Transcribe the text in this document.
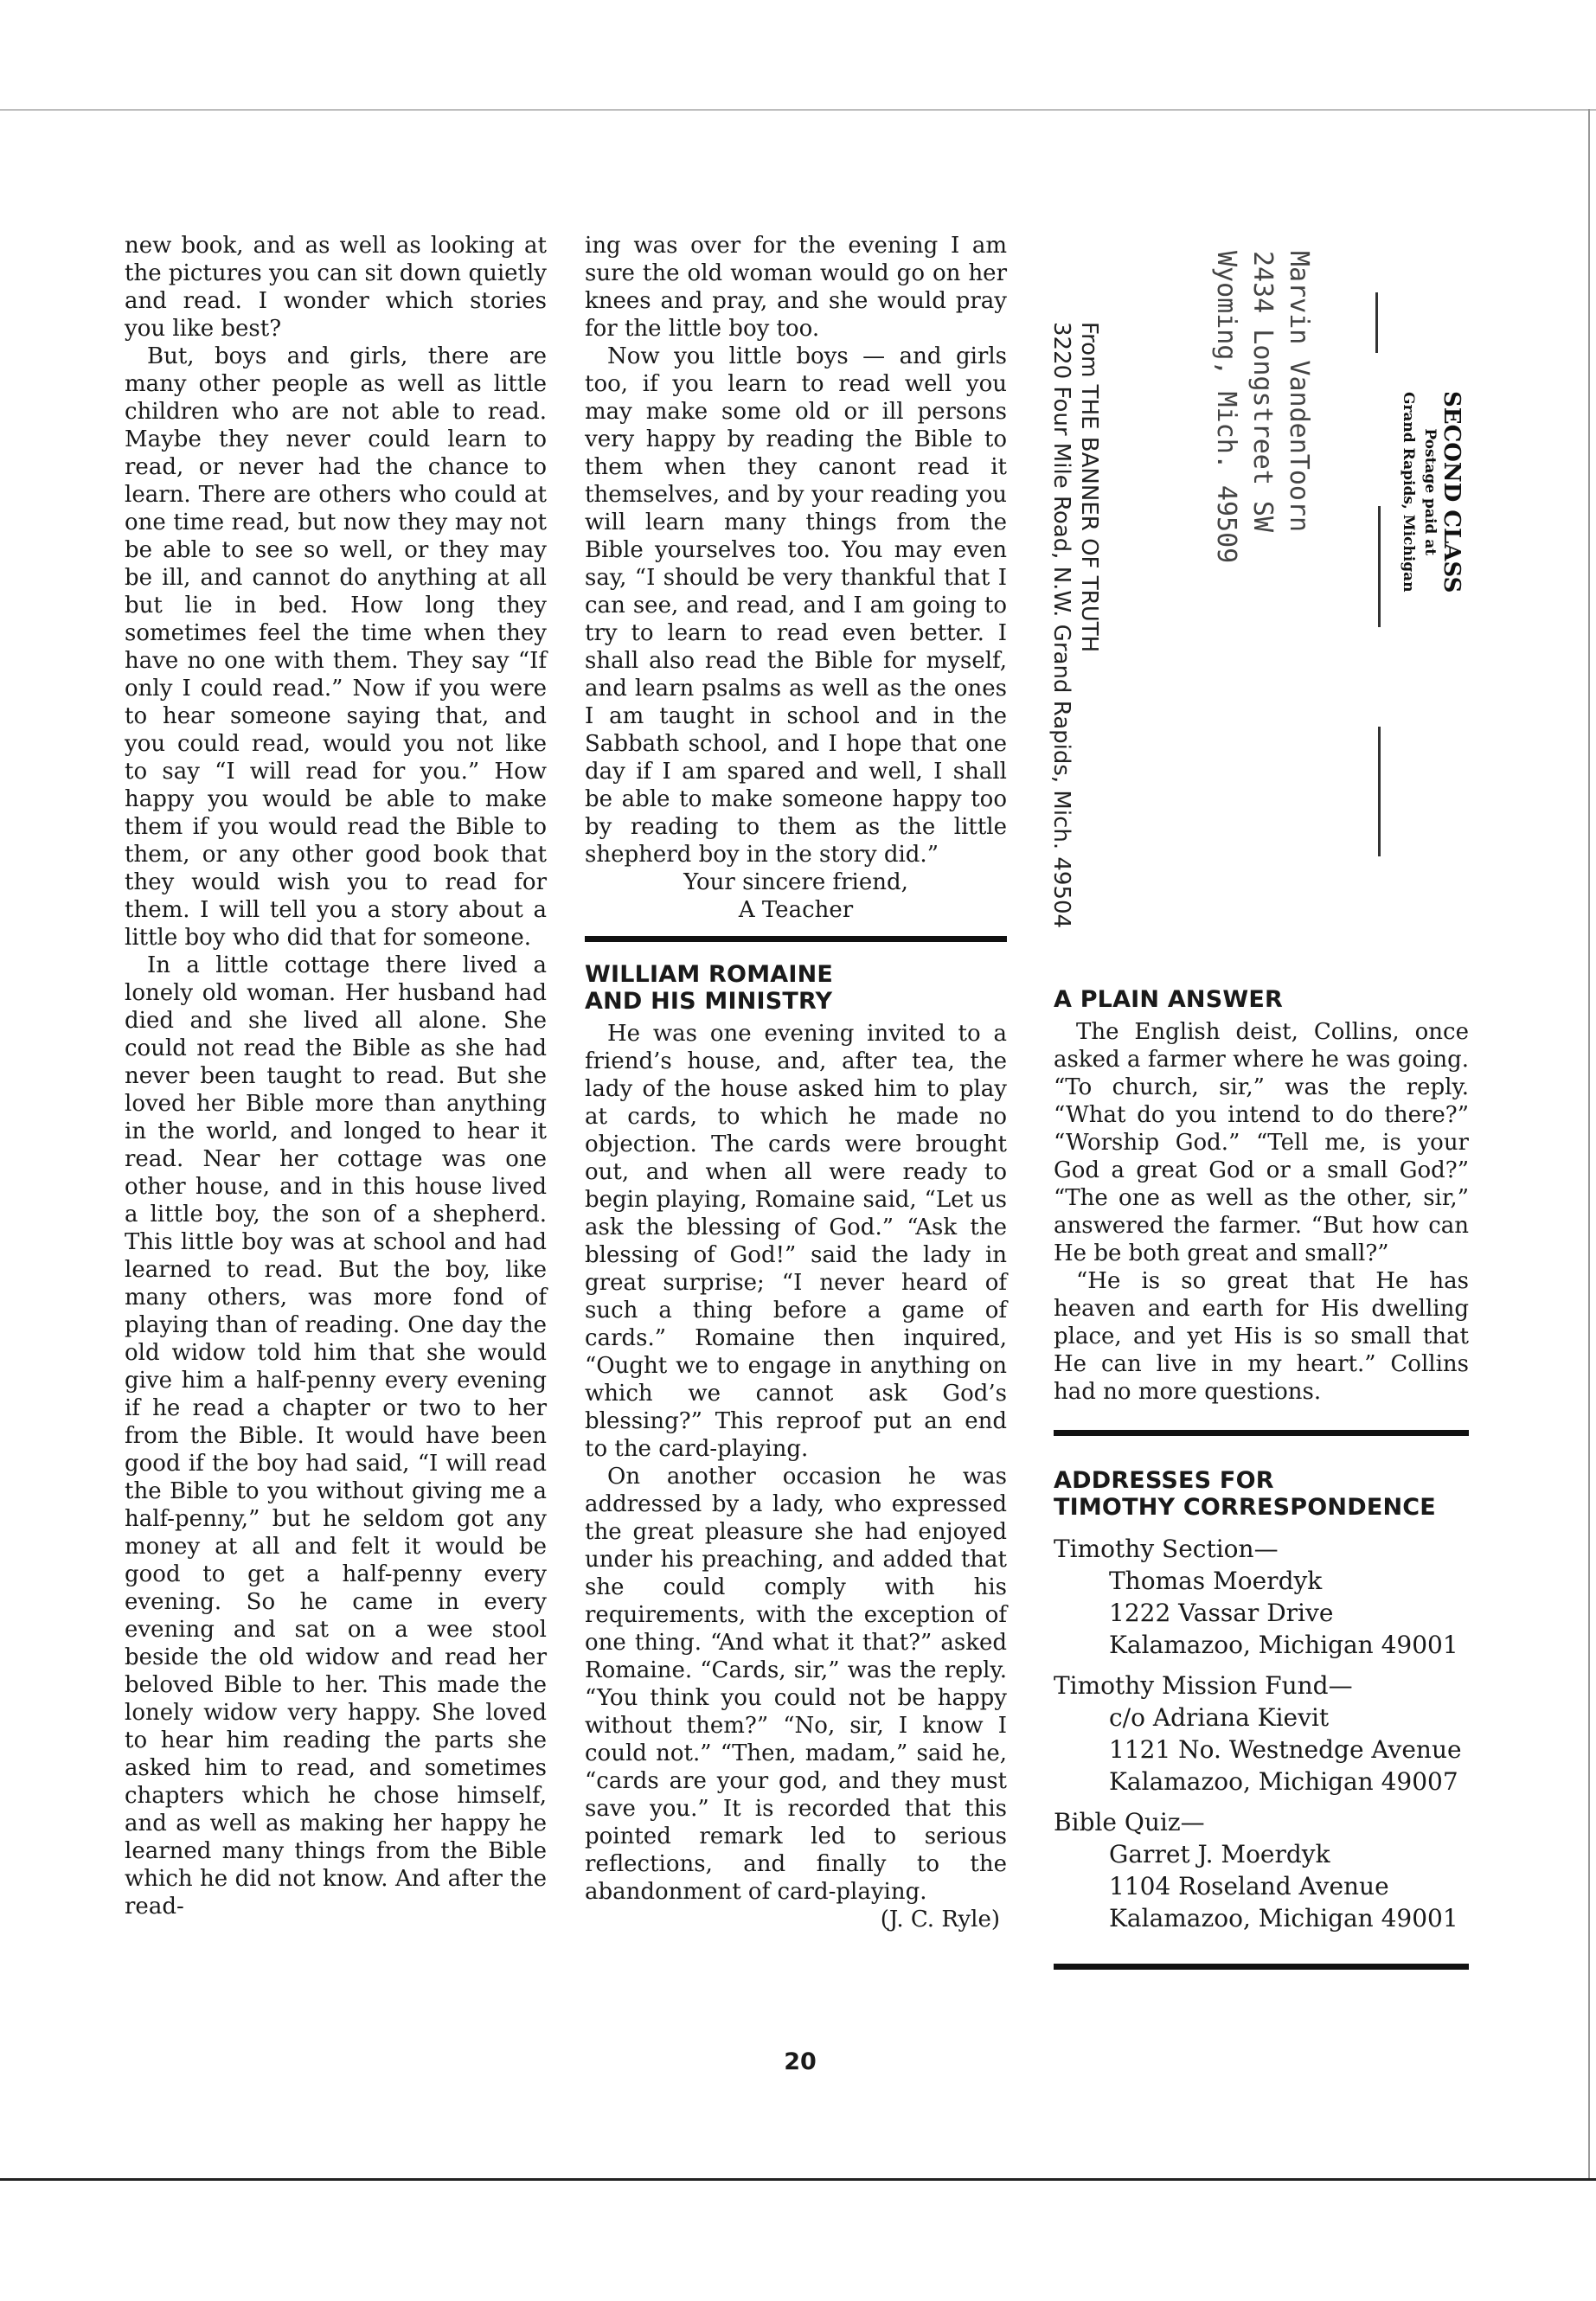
new book, and as well as looking at the pictures you can sit down quietly and read. I wonder which stories you like best?

But, boys and girls, there are many other people as well as little children who are not able to read. Maybe they never could learn to read, or never had the chance to learn. There are others who could at one time read, but now they may not be able to see so well, or they may be ill, and cannot do anything at all but lie in bed. How long they sometimes feel the time when they have no one with them. They say “If only I could read.” Now if you were to hear someone saying that, and you could read, would you not like to say “I will read for you.” How happy you would be able to make them if you would read the Bible to them, or any other good book that they would wish you to read for them. I will tell you a story about a little boy who did that for someone.

In a little cottage there lived a lonely old woman. Her husband had died and she lived all alone. She could not read the Bible as she had never been taught to read. But she loved her Bible more than anything in the world, and longed to hear it read. Near her cottage was one other house, and in this house lived a little boy, the son of a shepherd. This little boy was at school and had learned to read. But the boy, like many others, was more fond of playing than of reading. One day the old widow told him that she would give him a half-penny every evening if he read a chapter or two to her from the Bible. It would have been good if the boy had said, “I will read the Bible to you without giving me a half-penny,” but he seldom got any money at all and felt it would be good to get a half-penny every evening. So he came in every evening and sat on a wee stool beside the old widow and read her beloved Bible to her. This made the lonely widow very happy. She loved to hear him reading the parts she asked him to read, and sometimes chapters which he chose himself, and as well as making her happy he learned many things from the Bible which he did not know. And after the read-

ing was over for the evening I am sure the old woman would go on her knees and pray, and she would pray for the little boy too.

Now you little boys — and girls too, if you learn to read well you may make some old or ill persons very happy by reading the Bible to them when they canont read it themselves, and by your reading you will learn many things from the Bible yourselves too. You may even say, “I should be very thankful that I can see, and read, and I am going to try to learn to read even better. I shall also read the Bible for myself, and learn psalms as well as the ones I am taught in school and in the Sabbath school, and I hope that one day if I am spared and well, I shall be able to make someone happy too by reading to them as the little shepherd boy in the story did.”

Your sincere friend,

A Teacher

WILLIAM ROMAINE
AND HIS MINISTRY

He was one evening invited to a friend’s house, and, after tea, the lady of the house asked him to play at cards, to which he made no objection. The cards were brought out, and when all were ready to begin playing, Romaine said, “Let us ask the blessing of God.” “Ask the blessing of God!” said the lady in great surprise; “I never heard of such a thing before a game of cards.” Romaine then inquired, “Ought we to engage in anything on which we cannot ask God’s blessing?” This reproof put an end to the card-playing.

On another occasion he was addressed by a lady, who expressed the great pleasure she had enjoyed under his preaching, and added that she could comply with his requirements, with the exception of one thing. “And what it that?” asked Romaine. “Cards, sir,” was the reply. “You think you could not be happy without them?” “No, sir, I know I could not.” “Then, madam,” said he, “cards are your god, and they must save you.” It is recorded that this pointed remark led to serious reflections, and finally to the abandonment of card-playing.

(J. C. Ryle)

From THE BANNER OF TRUTH
3220 Four Mile Road, N.W. Grand Rapids, Mich. 49504	Marvin VandenToorn
2434 Longstreet SW
Wyoming, Mich. 49509	SECOND CLASS
Postage paid at
Grand Rapids, Michigan
A PLAIN ANSWER

The English deist, Collins, once asked a farmer where he was going. “To church, sir,” was the reply. “What do you intend to do there?” “Worship God.” “Tell me, is your God a great God or a small God?” “The one as well as the other, sir,” answered the farmer. “But how can He be both great and small?”

“He is so great that He has heaven and earth for His dwelling place, and yet His is so small that He can live in my heart.” Collins had no more questions.

ADDRESSES FOR
TIMOTHY CORRESPONDENCE

Timothy Section—

Thomas Moerdyk

1222 Vassar Drive

Kalamazoo, Michigan 49001

Timothy Mission Fund—

c/o Adriana Kievit

1121 No. Westnedge Avenue

Kalamazoo, Michigan 49007

Bible Quiz—

Garret J. Moerdyk

1104 Roseland Avenue

Kalamazoo, Michigan 49001

20
